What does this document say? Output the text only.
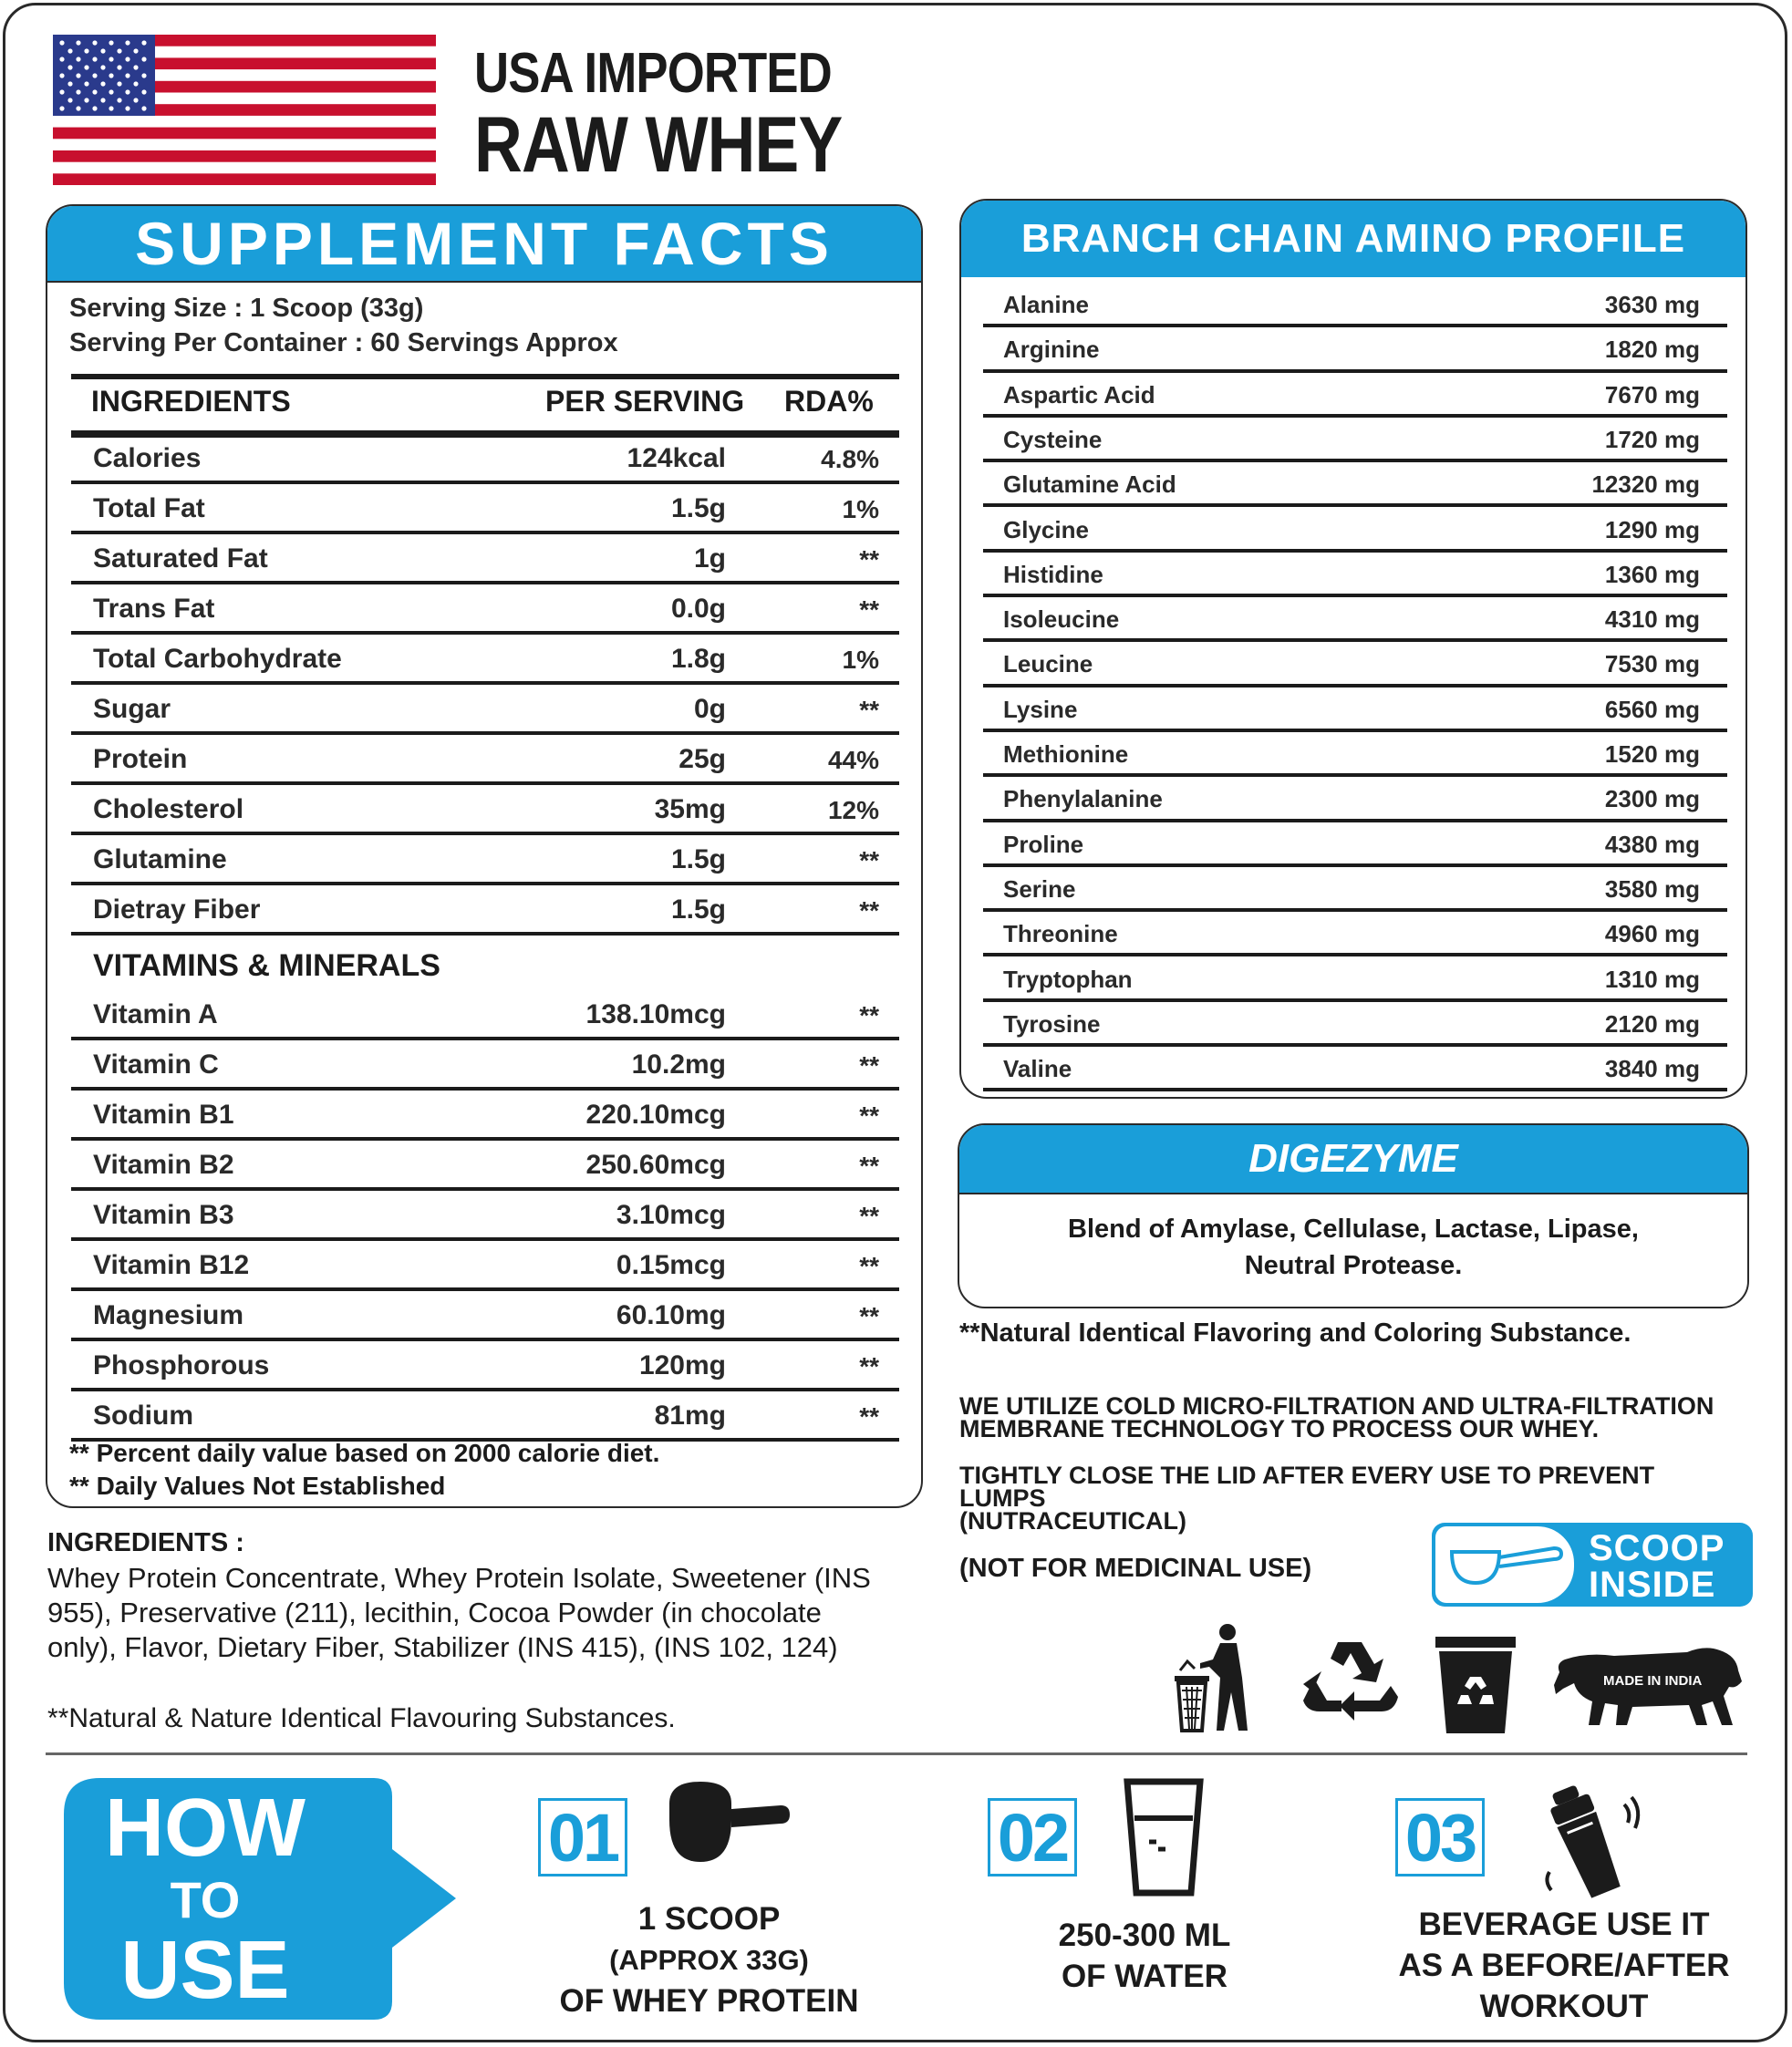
USA IMPORTED
RAW WHEY
SUPPLEMENT FACTS
Serving Size : 1 Scoop (33g)
Serving Per Container : 60 Servings Approx
INGREDIENTS	PER SERVING RDA%
Calories	124kcal	4.8%
Total Fat	1.5g	1%
Saturated Fat	1g	**
Trans Fat	0.0g	**
Total Carbohydrate	1.8g	1%
Sugar	0g	**
Protein	25g	44%
Cholesterol	35mg	12%
Glutamine	1.5g	**
Dietray Fiber	1.5g	**
VITAMINS & MINERALS
Vitamin A	138.10mcg	**
Vitamin C	10.2mg	**
Vitamin B1	220.10mcg	**
Vitamin B2	250.60mcg	**
Vitamin B3	3.10mcg	**
Vitamin B12	0.15mcg	**
Magnesium	60.10mg	**
Phosphorous	120mg	**
Sodium	81mg	**
** Percent daily value based on 2000 calorie diet.
** Daily Values Not Established
BRANCH CHAIN AMINO PROFILE
Alanine	3630 mg
Arginine	1820 mg
Aspartic Acid	7670 mg
Cysteine	1720 mg
Glutamine Acid	12320 mg
Glycine	1290 mg
Histidine	1360 mg
Isoleucine	4310 mg
Leucine	7530 mg
Lysine	6560 mg
Methionine	1520 mg
Phenylalanine	2300 mg
Proline	4380 mg
Serine	3580 mg
Threonine	4960 mg
Tryptophan	1310 mg
Tyrosine	2120 mg
Valine	3840 mg
DIGEZYME
Blend of Amylase, Cellulase, Lactase, Lipase,
Neutral Protease.
**Natural Identical Flavoring and Coloring Substance.
WE UTILIZE COLD MICRO-FILTRATION AND ULTRA-FILTRATION
MEMBRANE TECHNOLOGY TO PROCESS OUR WHEY.
TIGHTLY CLOSE THE LID AFTER EVERY USE TO PREVENT
LUMPS
(NUTRACEUTICAL)
(NOT FOR MEDICINAL USE)	SCOOP
INSIDE
MADE IN INDIA
INGREDIENTS :
Whey Protein Concentrate, Whey Protein Isolate, Sweetener (INS 955), Preservative (211), lecithin, Cocoa Powder (in chocolate only), Flavor, Dietary Fiber, Stabilizer (INS 415), (INS 102, 124)
**Natural & Nature Identical Flavouring Substances.
HOW
TO
USE
01
1 SCOOP
(APPROX 33G)
OF WHEY PROTEIN
02
250-300 ML
OF WATER
03
BEVERAGE USE IT
AS A BEFORE/AFTER
WORKOUT
